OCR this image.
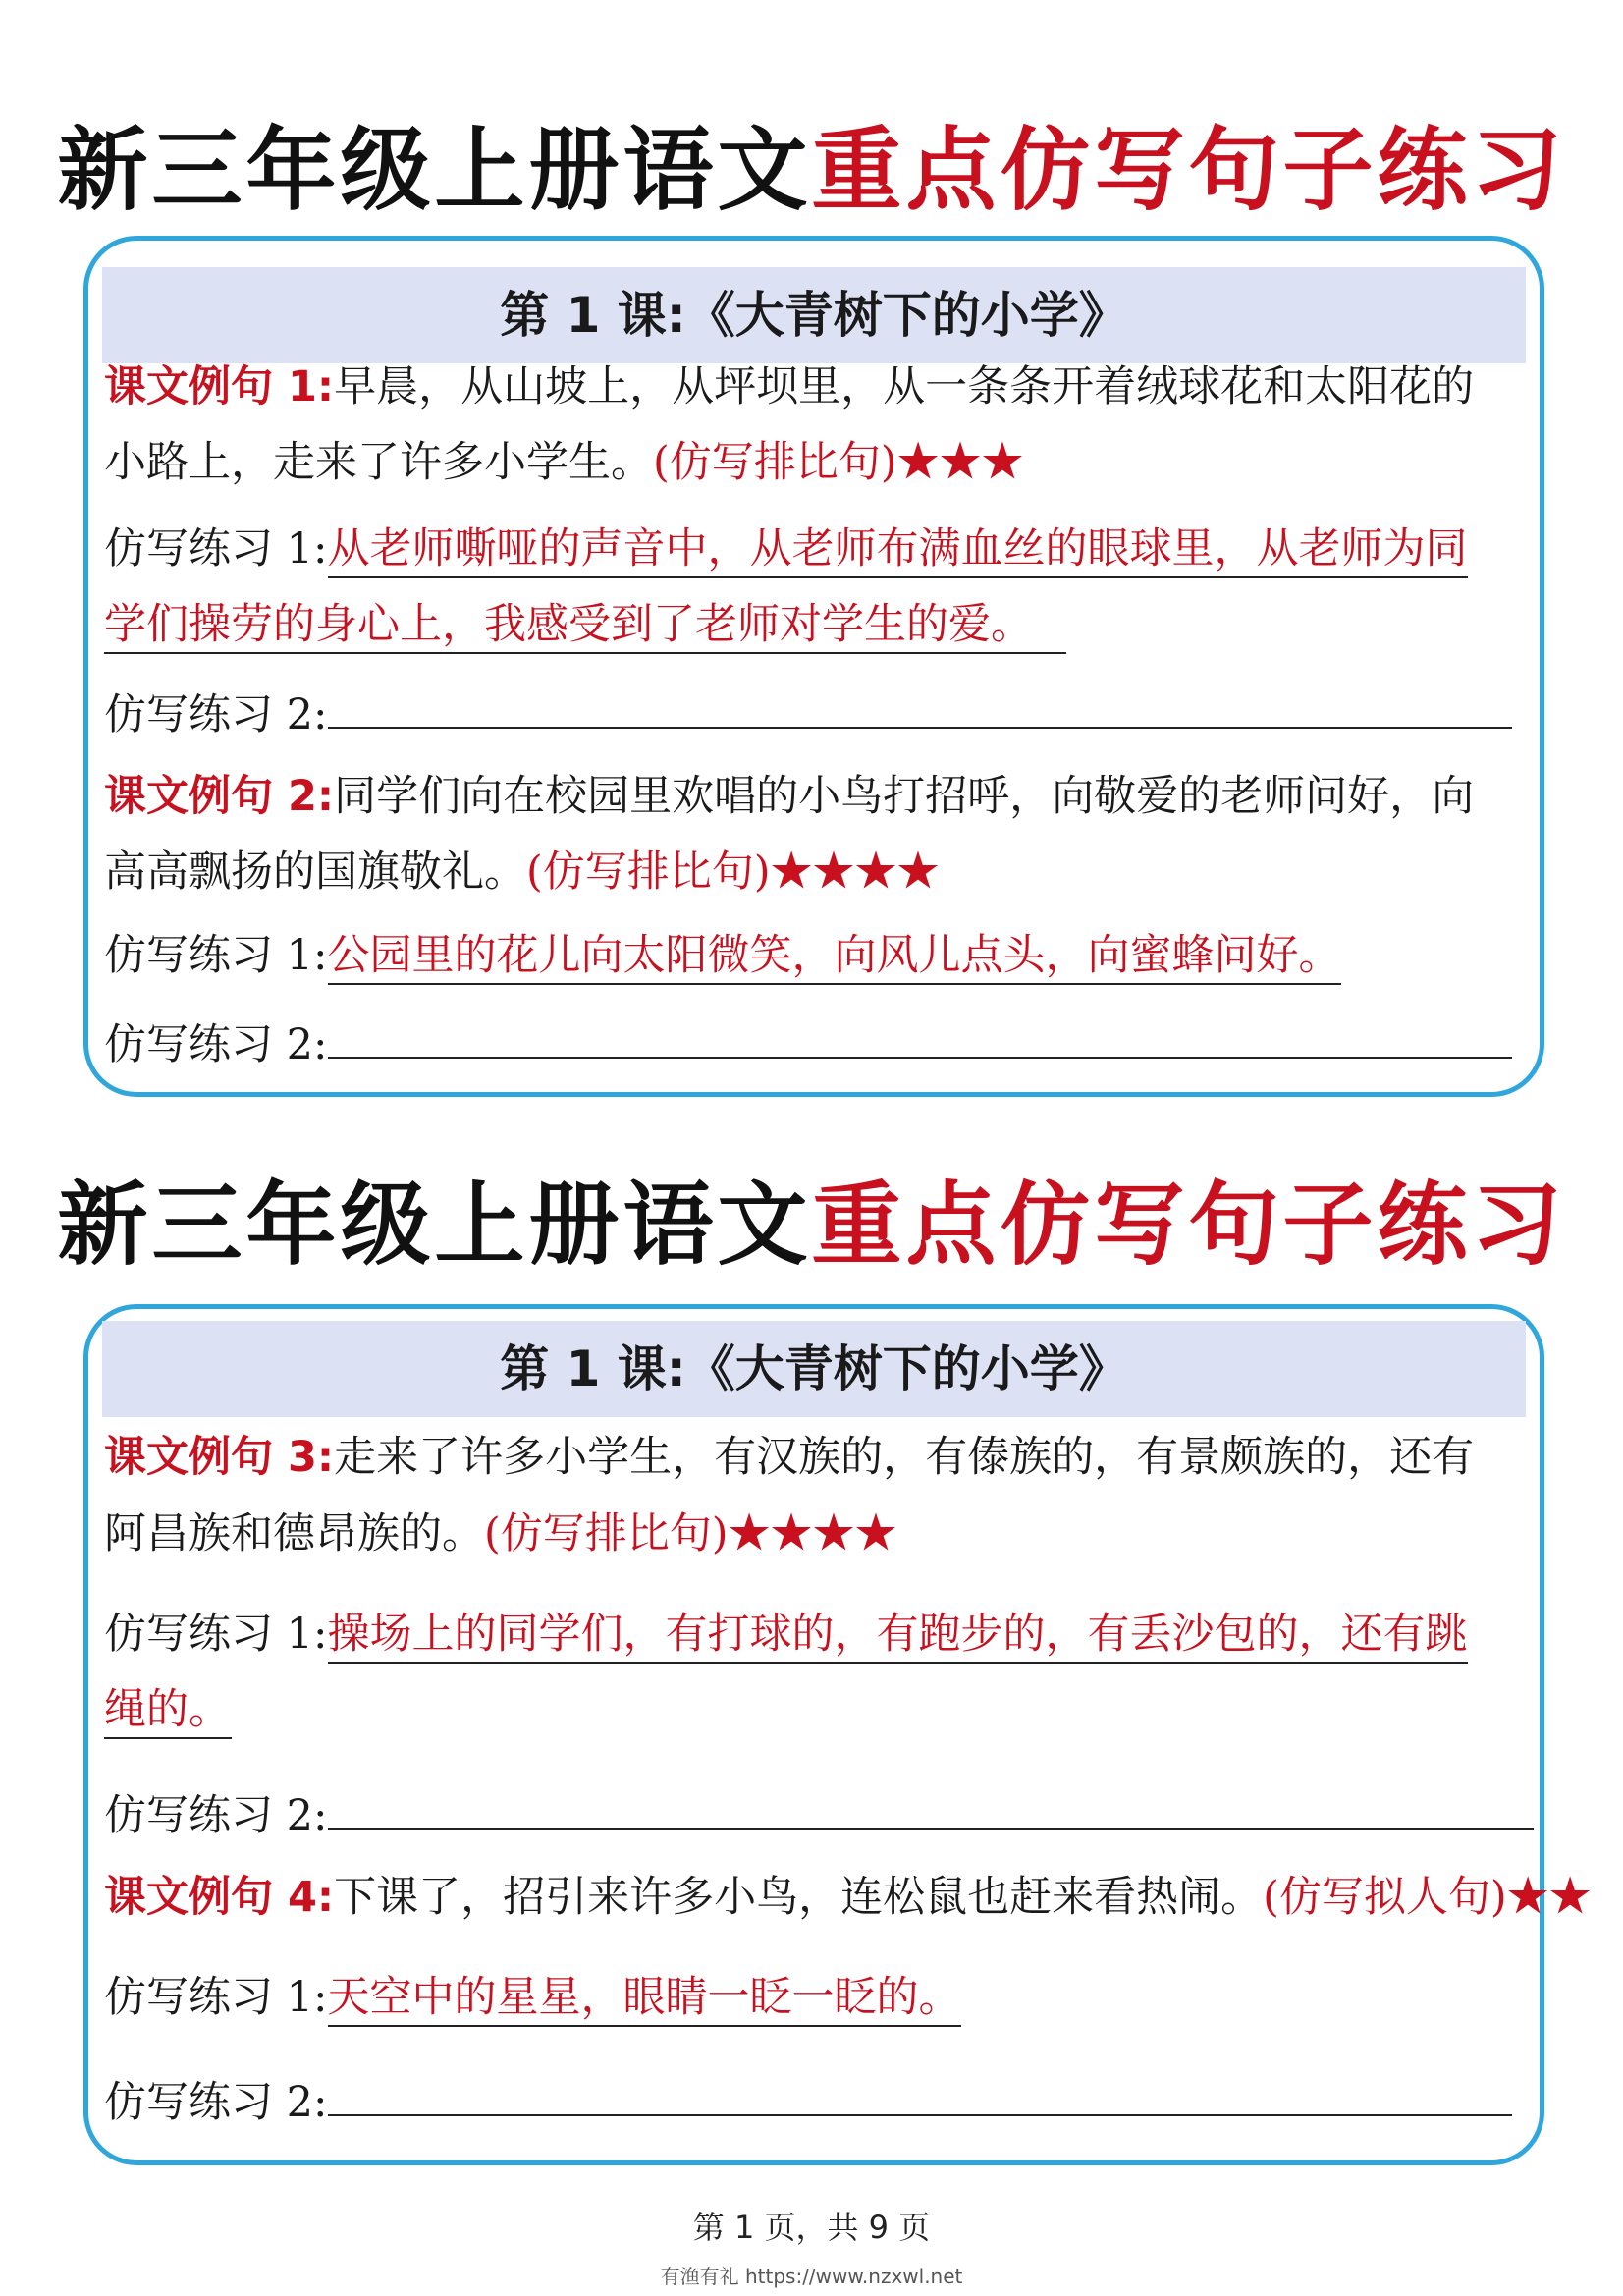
新三年级上册语文重点仿写句子练习
第 1 课:《大青树下的小学》
课文例句 1:早晨，从山坡上，从坪坝里，从一条条开着绒球花和太阳花的
小路上，走来了许多小学生。(仿写排比句)★★★
仿写练习 1:从老师嘶哑的声音中，从老师布满血丝的眼球里，从老师为同
学们操劳的身心上，我感受到了老师对学生的爱。
仿写练习 2:
课文例句 2:同学们向在校园里欢唱的小鸟打招呼，向敬爱的老师问好，向
高高飘扬的国旗敬礼。(仿写排比句)★★★★
仿写练习 1:公园里的花儿向太阳微笑，向风儿点头，向蜜蜂问好。
仿写练习 2:
新三年级上册语文重点仿写句子练习
第 1 课:《大青树下的小学》
课文例句 3:走来了许多小学生，有汉族的，有傣族的，有景颇族的，还有
阿昌族和德昂族的。(仿写排比句)★★★★
仿写练习 1:操场上的同学们，有打球的，有跑步的，有丢沙包的，还有跳
绳的。
仿写练习 2:
课文例句 4:下课了，招引来许多小鸟，连松鼠也赶来看热闹。(仿写拟人句)★★
仿写练习 1:天空中的星星，眼睛一眨一眨的。
仿写练习 2:
第 1 页，共 9 页
有渔有礼 https://www.nzxwl.net
